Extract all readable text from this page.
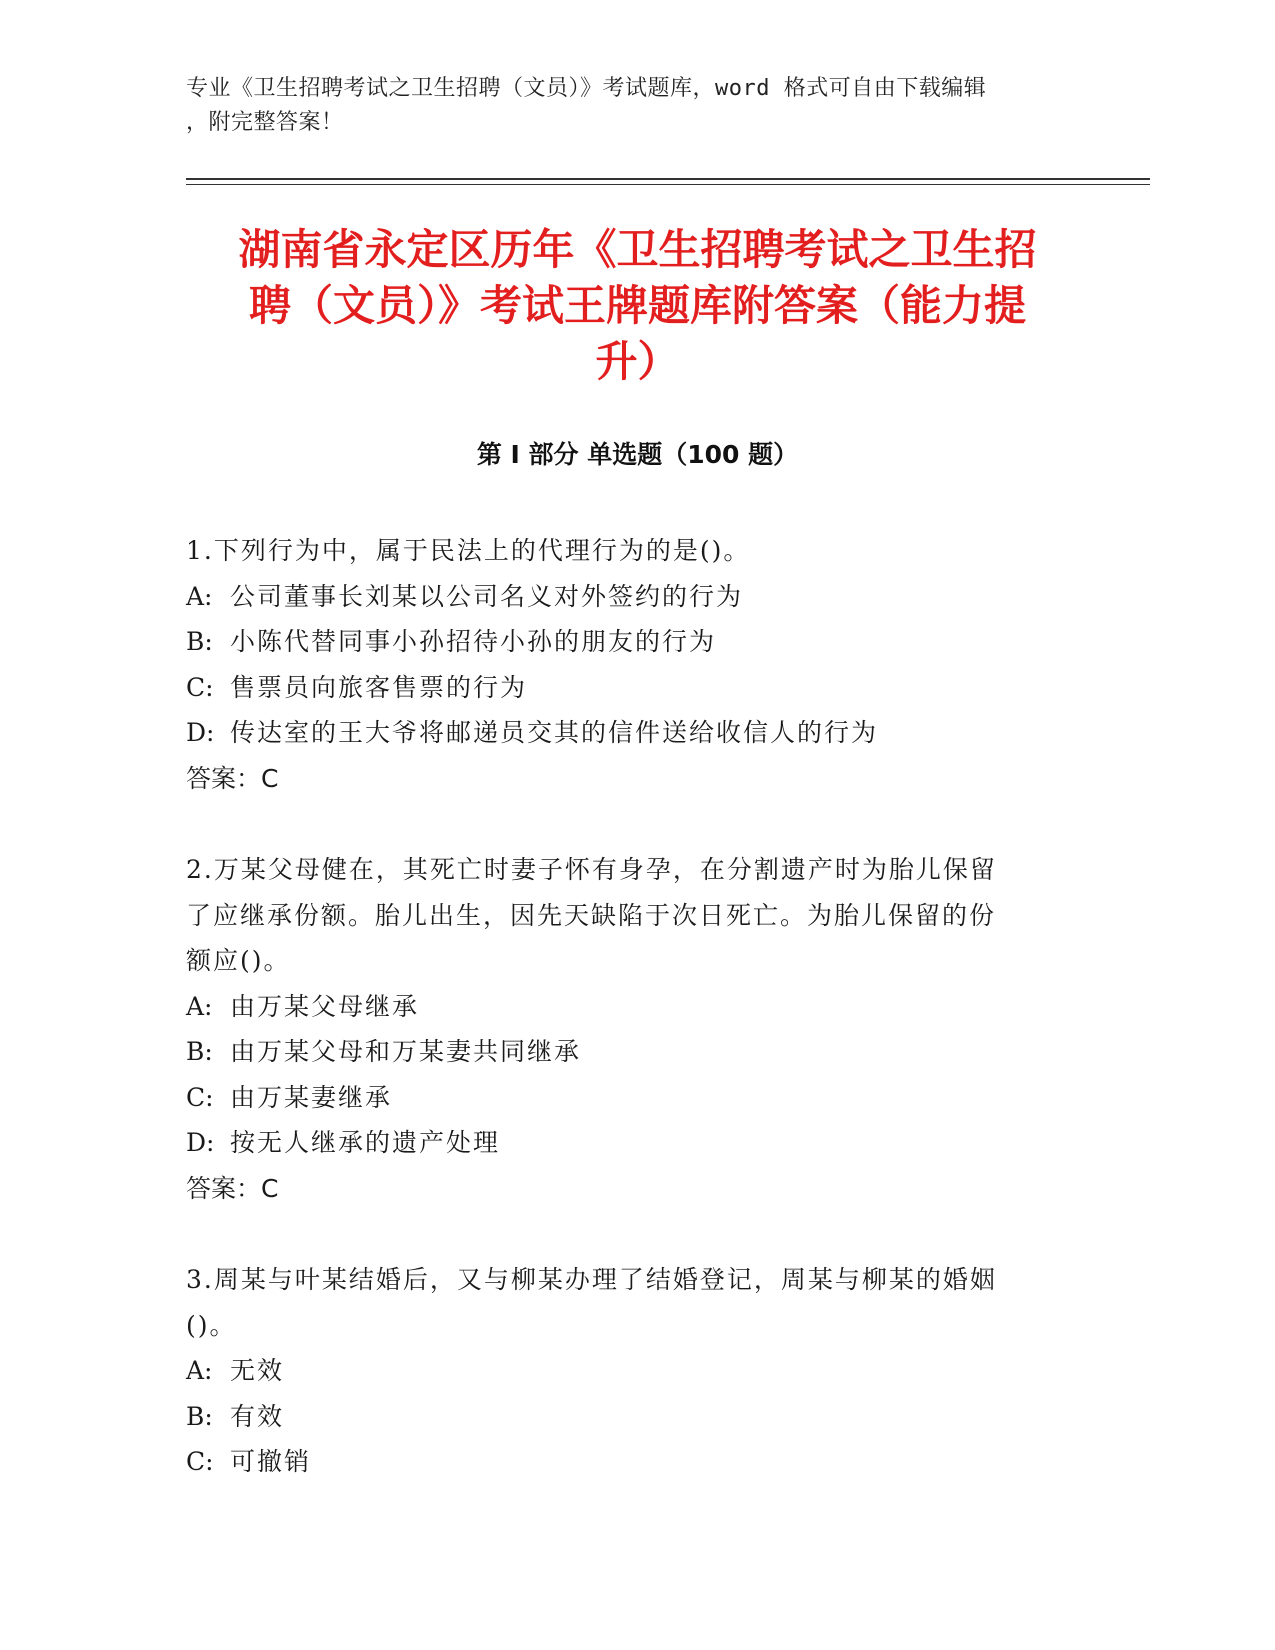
专业《卫生招聘考试之卫生招聘（文员）》考试题库，word 格式可自由下载编辑
，附完整答案！
湖南省永定区历年《卫生招聘考试之卫生招
聘（文员）》考试王牌题库附答案（能力提
升）
第 I 部分 单选题（100 题）
1.下列行为中，属于民法上的代理行为的是()。
A: 公司董事长刘某以公司名义对外签约的行为
B: 小陈代替同事小孙招待小孙的朋友的行为
C: 售票员向旅客售票的行为
D: 传达室的王大爷将邮递员交其的信件送给收信人的行为
答案：C
2.万某父母健在，其死亡时妻子怀有身孕，在分割遗产时为胎儿保留
了应继承份额。胎儿出生，因先天缺陷于次日死亡。为胎儿保留的份
额应()。
A: 由万某父母继承
B: 由万某父母和万某妻共同继承
C: 由万某妻继承
D: 按无人继承的遗产处理
答案：C
3.周某与叶某结婚后，又与柳某办理了结婚登记，周某与柳某的婚姻
()。
A: 无效
B: 有效
C: 可撤销
